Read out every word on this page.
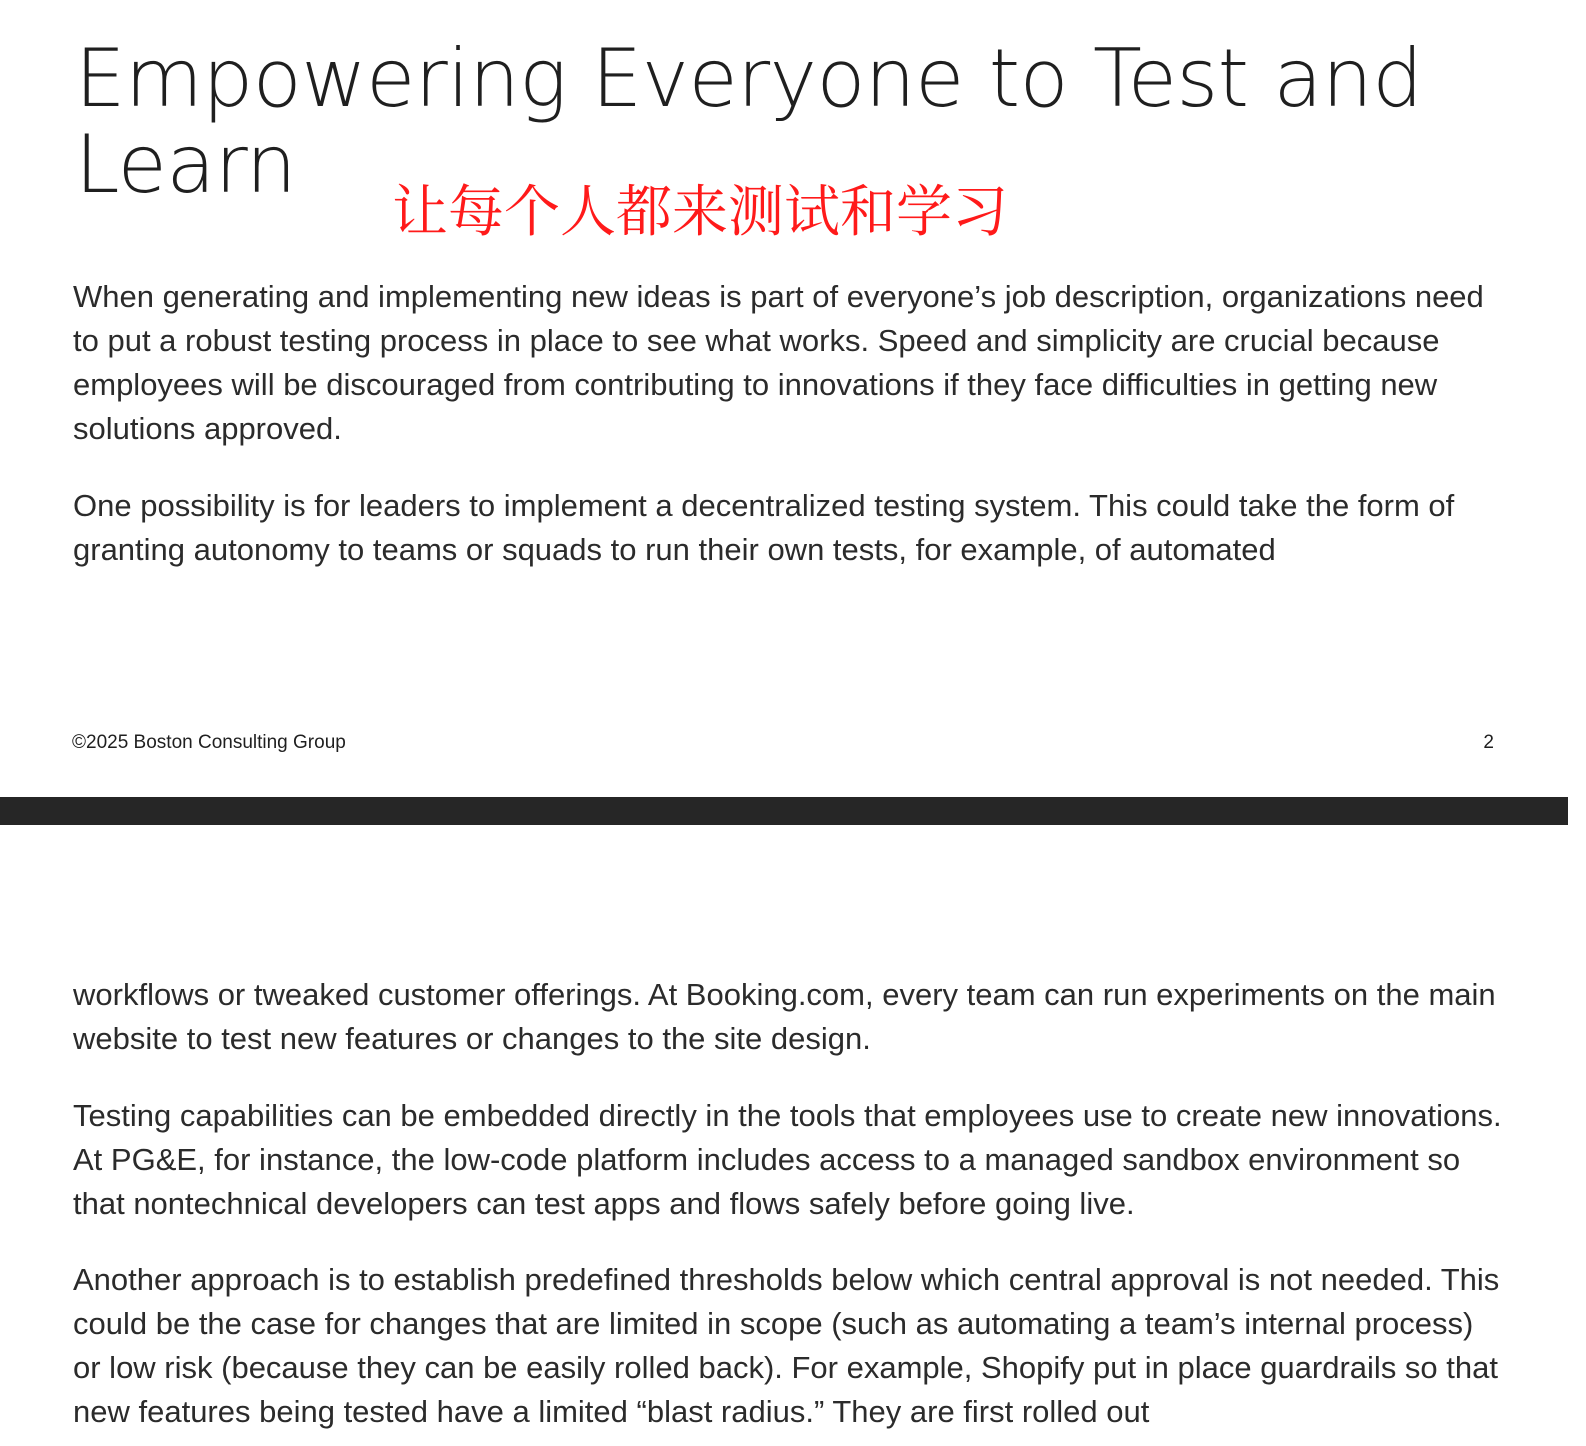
Empowering Everyone to Test and Learn
让每个人都来测试和学习

When generating and implementing new ideas is part of everyone’s job description, organizations need to put a robust testing process in place to see what works. Speed and simplicity are crucial because employees will be discouraged from contributing to innovations if they face difficulties in getting new solutions approved.

One possibility is for leaders to implement a decentralized testing system. This could take the form of granting autonomy to teams or squads to run their own tests, for example, of automated

©2025 Boston Consulting Group	2

workflows or tweaked customer offerings. At Booking.com, every team can run experiments on the main website to test new features or changes to the site design.

Testing capabilities can be embedded directly in the tools that employees use to create new innovations. At PG&E, for instance, the low-code platform includes access to a managed sandbox environment so that nontechnical developers can test apps and flows safely before going live.

Another approach is to establish predefined thresholds below which central approval is not needed. This could be the case for changes that are limited in scope (such as automating a team’s internal process) or low risk (because they can be easily rolled back). For example, Shopify put in place guardrails so that new features being tested have a limited “blast radius.” They are first rolled out
